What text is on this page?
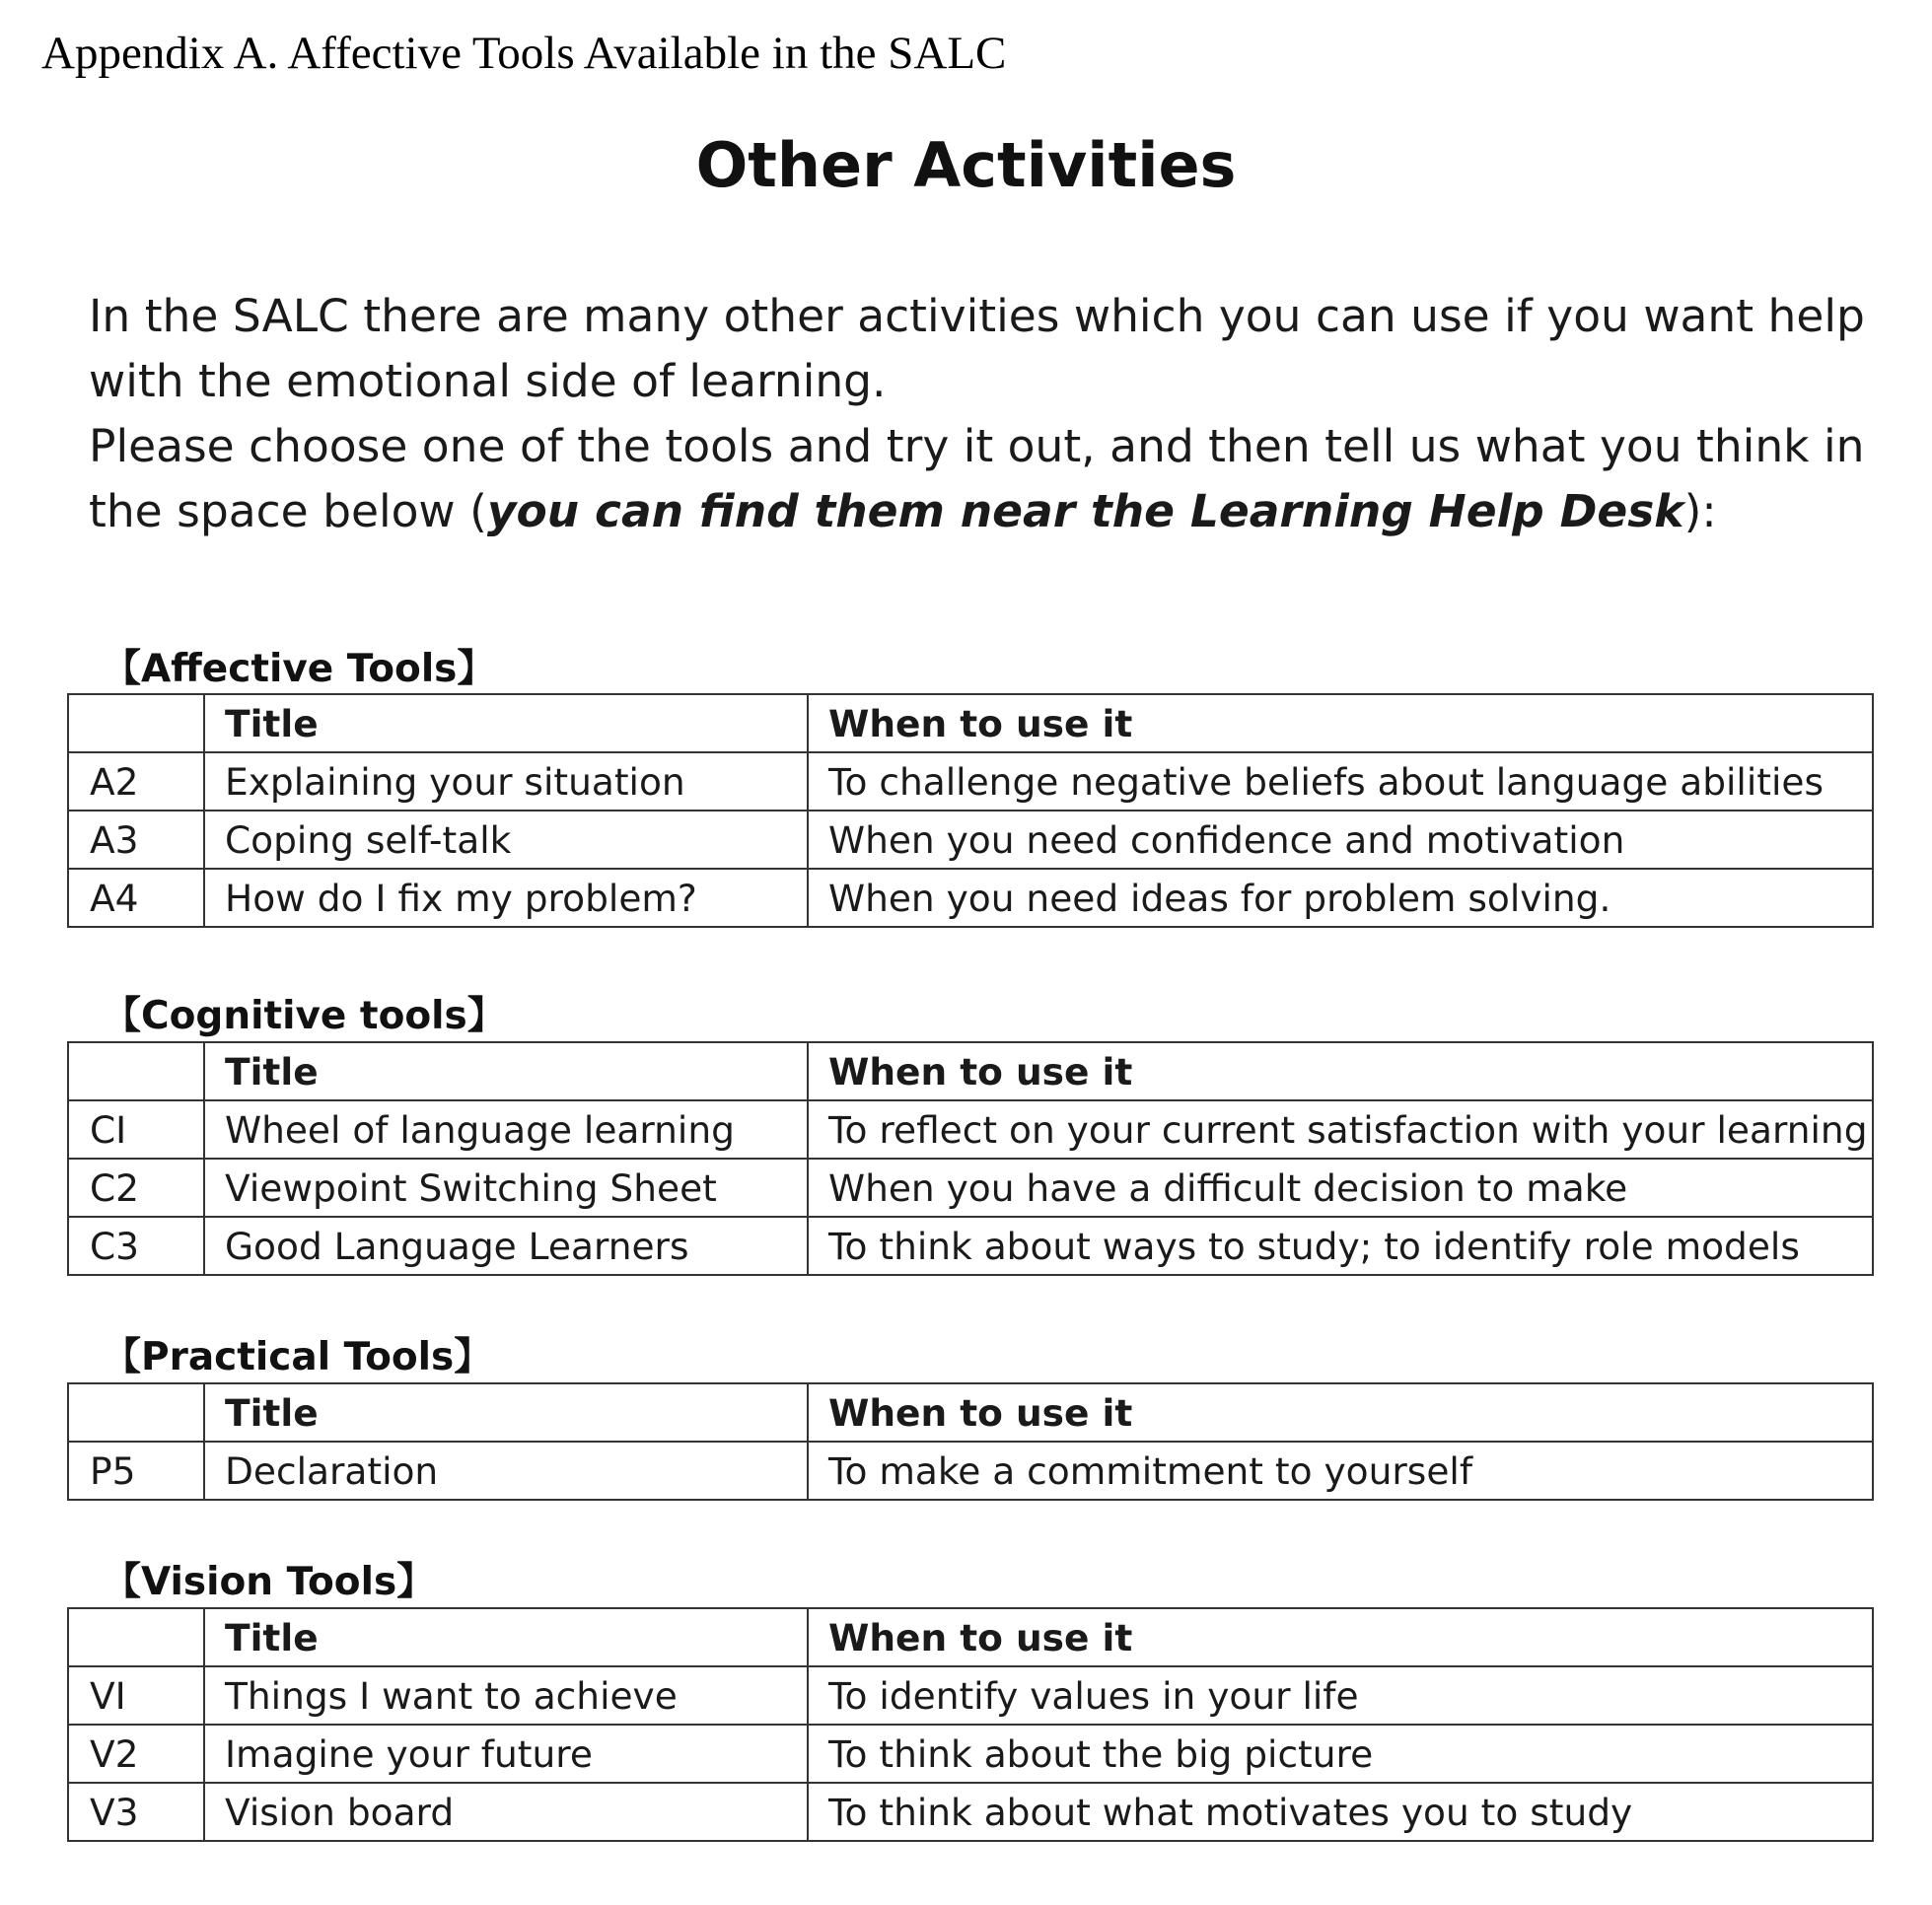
Appendix A. Affective Tools Available in the SALC
Other Activities

In the SALC there are many other activities which you can use if you want help with the emotional side of learning.

Please choose one of the tools and try it out, and then tell us what you think in the space below (you can find them near the Learning Help Desk):

【Affective Tools】
	Title	When to use it
A2	Explaining your situation	To challenge negative beliefs about language abilities
A3	Coping self-talk	When you need confidence and motivation
A4	How do I fix my problem?	When you need ideas for problem solving.
【Cognitive tools】
	Title	When to use it
CI	Wheel of language learning	To reflect on your current satisfaction with your learning
C2	Viewpoint Switching Sheet	When you have a difficult decision to make
C3	Good Language Learners	To think about ways to study; to identify role models
【Practical Tools】
	Title	When to use it
P5	Declaration	To make a commitment to yourself
【Vision Tools】
	Title	When to use it
VI	Things I want to achieve	To identify values in your life
V2	Imagine your future	To think about the big picture
V3	Vision board	To think about what motivates you to study
